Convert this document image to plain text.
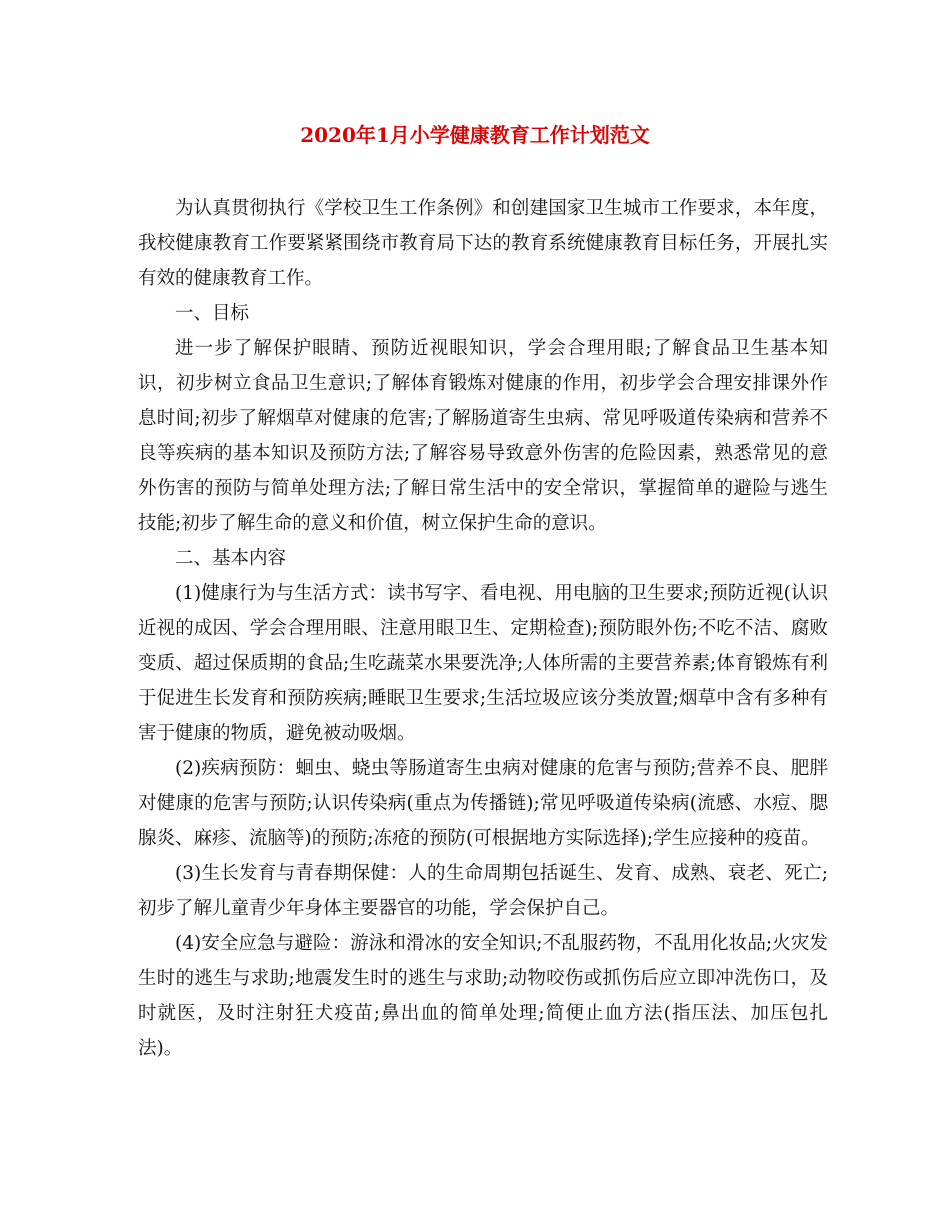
2020年1月小学健康教育工作计划范文

为认真贯彻执行《学校卫生工作条例》和创建国家卫生城市工作要求，本年度，我校健康教育工作要紧紧围绕市教育局下达的教育系统健康教育目标任务，开展扎实有效的健康教育工作。

一、目标

进一步了解保护眼睛、预防近视眼知识，学会合理用眼;了解食品卫生基本知识，初步树立食品卫生意识;了解体育锻炼对健康的作用，初步学会合理安排课外作息时间;初步了解烟草对健康的危害;了解肠道寄生虫病、常见呼吸道传染病和营养不良等疾病的基本知识及预防方法;了解容易导致意外伤害的危险因素，熟悉常见的意外伤害的预防与简单处理方法;了解日常生活中的安全常识，掌握简单的避险与逃生技能;初步了解生命的意义和价值，树立保护生命的意识。

二、基本内容

(1)健康行为与生活方式：读书写字、看电视、用电脑的卫生要求;预防近视(认识近视的成因、学会合理用眼、注意用眼卫生、定期检查);预防眼外伤;不吃不洁、腐败变质、超过保质期的食品;生吃蔬菜水果要洗净;人体所需的主要营养素;体育锻炼有利于促进生长发育和预防疾病;睡眠卫生要求;生活垃圾应该分类放置;烟草中含有多种有害于健康的物质，避免被动吸烟。

(2)疾病预防：蛔虫、蛲虫等肠道寄生虫病对健康的危害与预防;营养不良、肥胖对健康的危害与预防;认识传染病(重点为传播链);常见呼吸道传染病(流感、水痘、腮腺炎、麻疹、流脑等)的预防;冻疮的预防(可根据地方实际选择);学生应接种的疫苗。

(3)生长发育与青春期保健：人的生命周期包括诞生、发育、成熟、衰老、死亡;初步了解儿童青少年身体主要器官的功能，学会保护自己。

(4)安全应急与避险：游泳和滑冰的安全知识;不乱服药物，不乱用化妆品;火灾发生时的逃生与求助;地震发生时的逃生与求助;动物咬伤或抓伤后应立即冲洗伤口，及时就医，及时注射狂犬疫苗;鼻出血的简单处理;简便止血方法(指压法、加压包扎法)。
